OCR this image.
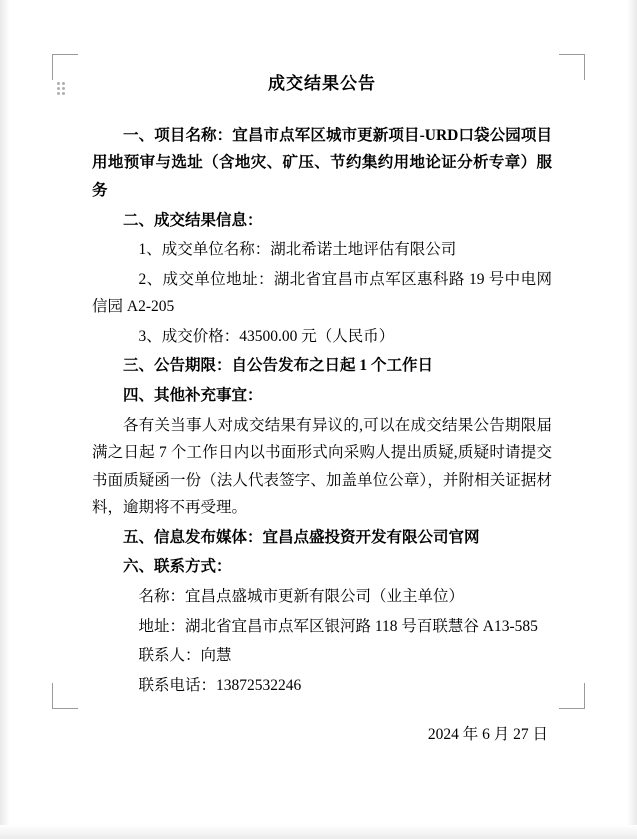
成交结果公告

一、项目名称：宜昌市点军区城市更新项目-URD口袋公园项目用地预审与选址（含地灾、矿压、节约集约用地论证分析专章）服务

二、成交结果信息：

1、成交单位名称：湖北希诺土地评估有限公司

2、成交单位地址：湖北省宜昌市点军区惠科路 19 号中电网信园 A2-205

3、成交价格：43500.00 元（人民币）

三、公告期限：自公告发布之日起 1 个工作日

四、其他补充事宜：

各有关当事人对成交结果有异议的,可以在成交结果公告期限届满之日起 7 个工作日内以书面形式向采购人提出质疑,质疑时请提交书面质疑函一份（法人代表签字、加盖单位公章），并附相关证据材料，逾期将不再受理。

五、信息发布媒体：宜昌点盛投资开发有限公司官网

六、联系方式：

名称：宜昌点盛城市更新有限公司（业主单位）

地址：湖北省宜昌市点军区银河路 118 号百联慧谷 A13-585

联系人：向慧

联系电话：13872532246

2024 年 6 月 27 日
